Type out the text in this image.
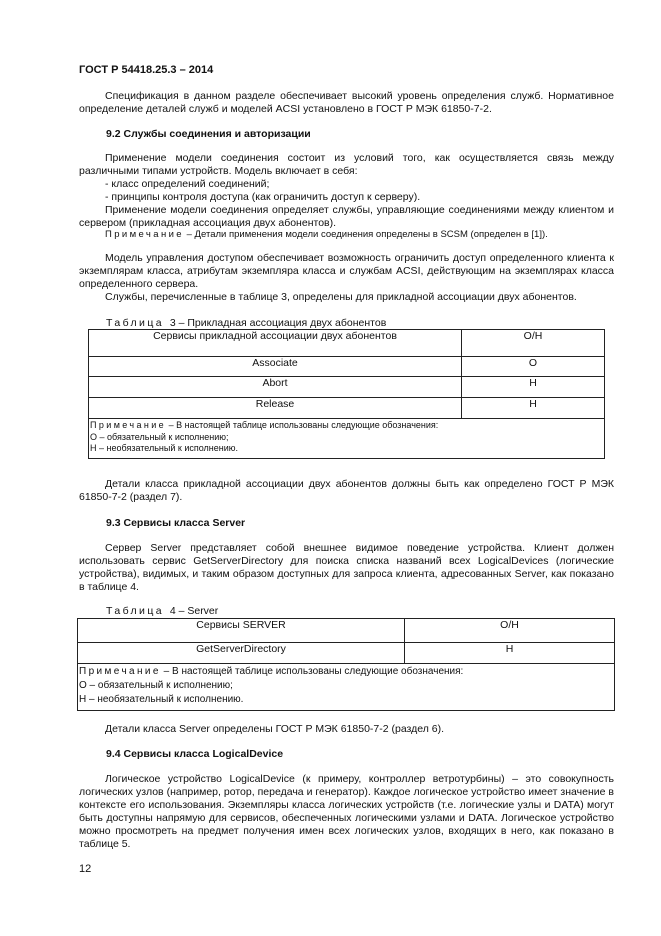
ГОСТ Р 54418.25.3 – 2014

Спецификация в данном разделе обеспечивает высокий уровень определения служб. Нормативное определение деталей служб и моделей ACSI установлено в ГОСТ Р МЭК 61850-7-2.

9.2 Службы соединения и авторизации

Применение модели соединения состоит из условий того, как осуществляется связь между различными типами устройств. Модель включает в себя:

- класс определений соединений;

- принципы контроля доступа (как ограничить доступ к серверу).

Применение модели соединения определяет службы, управляющие соединениями между клиентом и сервером (прикладная ассоциация двух абонентов).

Примечание – Детали применения модели соединения определены в SCSM (определен в [1]).

Модель управления доступом обеспечивает возможность ограничить доступ определенного клиента к экземплярам класса, атрибутам экземпляра класса и службам ACSI, действующим на экземплярах класса определенного сервера.

Службы, перечисленные в таблице 3, определены для прикладной ассоциации двух абонентов.

Таблица 3 – Прикладная ассоциация двух абонентов
Сервисы прикладной ассоциации двух абонентов	О/Н
Associate	О
Abort	Н
Release	Н

Примечание – В настоящей таблице использованы следующие обозначения:
О – обязательный к исполнению;
Н – необязательный к исполнению.	

Детали класса прикладной ассоциации двух абонентов должны быть как определено ГОСТ Р МЭК 61850-7-2 (раздел 7).

9.3 Сервисы класса Server

Сервер Server представляет собой внешнее видимое поведение устройства. Клиент должен использовать сервис GetServerDirectory для поиска списка названий всех LogicalDevices (логические устройства), видимых, и таким образом доступных для запроса клиента, адресованных Server, как показано в таблице 4.

Таблица 4 – Server
Сервисы SERVER	О/Н
GetServerDirectory	Н

Примечание – В настоящей таблице использованы следующие обозначения:
О – обязательный к исполнению;
Н – необязательный к исполнению.	

Детали класса Server определены ГОСТ Р МЭК 61850-7-2 (раздел 6).

9.4 Сервисы класса LogicalDevice

Логическое устройство LogicalDevice (к примеру, контроллер ветротурбины) – это совокупность логических узлов (например, ротор, передача и генератор). Каждое логическое устройство имеет значение в контексте его использования. Экземпляры класса логических устройств (т.е. логические узлы и DATA) могут быть доступны напрямую для сервисов, обеспеченных логическими узлами и DATA. Логическое устройство можно просмотреть на предмет получения имен всех логических узлов, входящих в него, как показано в таблице 5.

12
